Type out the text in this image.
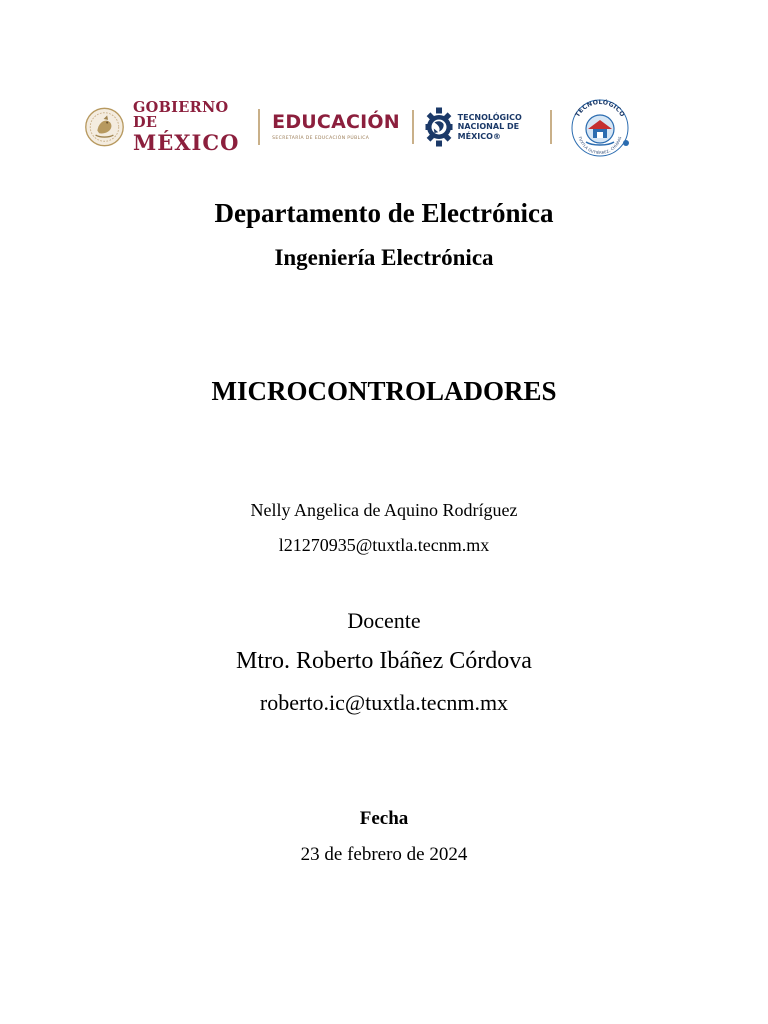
GOBIERNO DE
MÉXICO
EDUCACIÓN
SECRETARÍA DE EDUCACIÓN PÚBLICA
TECNOLÓGICO
NACIONAL DE MÉXICO®
TECNOLÓGICO
TUXTLA GUTIÉRREZ, CHIAPAS
Departamento de Electrónica
Ingeniería Electrónica
MICROCONTROLADORES
Nelly Angelica de Aquino Rodríguez
l21270935@tuxtla.tecnm.mx
Docente
Mtro. Roberto Ibáñez Córdova
roberto.ic@tuxtla.tecnm.mx
Fecha
23 de febrero de 2024
